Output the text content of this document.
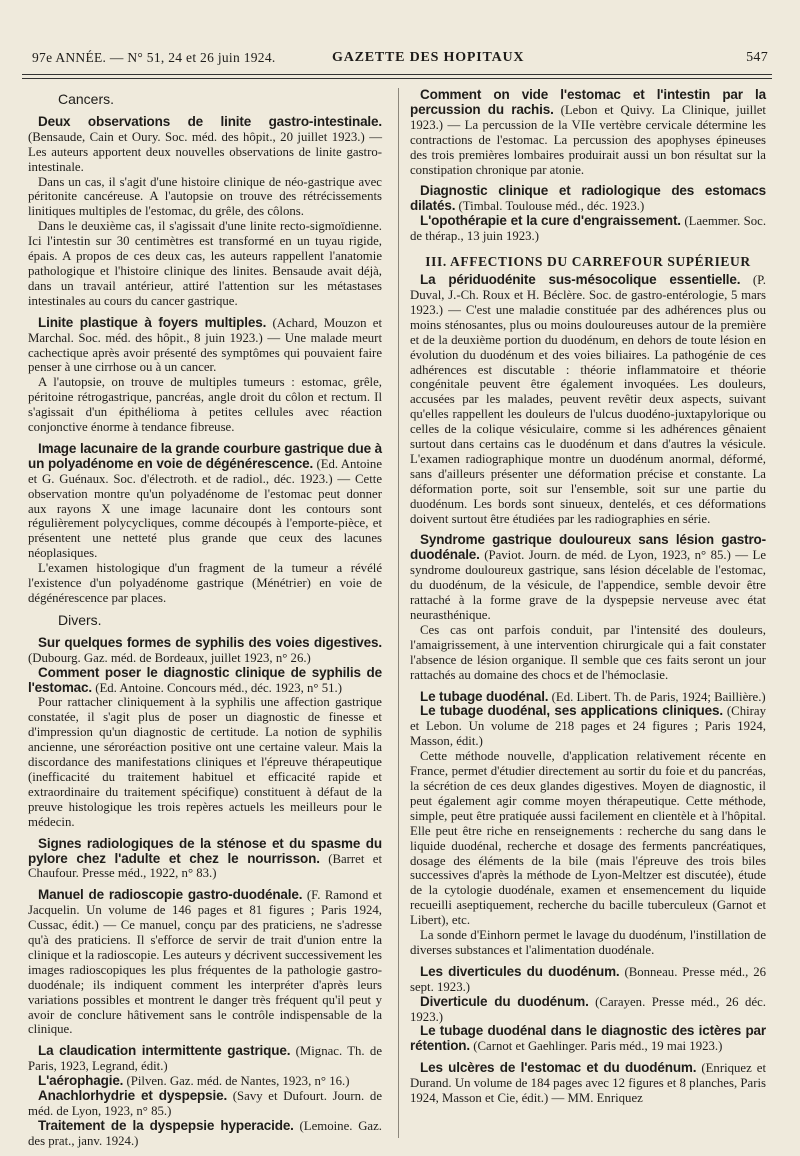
97e ANNÉE. — N° 51, 24 et 26 juin 1924.	GAZETTE DES HOPITAUX	547
Cancers.

Deux observations de linite gastro-intestinale. (Bensaude, Cain et Oury. Soc. méd. des hôpit., 20 juillet 1923.) — Les auteurs apportent deux nouvelles observations de linite gastro-intestinale.

Dans un cas, il s'agit d'une histoire clinique de néo-gastrique avec péritonite cancéreuse. A l'autopsie on trouve des rétrécissements linitiques multiples de l'estomac, du grêle, des côlons.

Dans le deuxième cas, il s'agissait d'une linite recto-sigmoïdienne. Ici l'intestin sur 30 centimètres est transformé en un tuyau rigide, épais. A propos de ces deux cas, les auteurs rappellent l'anatomie pathologique et l'histoire clinique des linites. Bensaude avait déjà, dans un travail antérieur, attiré l'attention sur les métastases intestinales au cours du cancer gastrique.

Linite plastique à foyers multiples. (Achard, Mouzon et Marchal. Soc. méd. des hôpit., 8 juin 1923.) — Une malade meurt cachectique après avoir présenté des symptômes qui pouvaient faire penser à une cirrhose ou à un cancer.

A l'autopsie, on trouve de multiples tumeurs : estomac, grêle, péritoine rétrogastrique, pancréas, angle droit du côlon et rectum. Il s'agissait d'un épithélioma à petites cellules avec réaction conjonctive énorme à tendance fibreuse.

Image lacunaire de la grande courbure gastrique due à un polyadénome en voie de dégénérescence. (Ed. Antoine et G. Guénaux. Soc. d'électroth. et de radiol., déc. 1923.) — Cette observation montre qu'un polyadénome de l'estomac peut donner aux rayons X une image lacunaire dont les contours sont régulièrement polycycliques, comme découpés à l'emporte-pièce, et présentent une netteté plus grande que ceux des lacunes néoplasiques.

L'examen histologique d'un fragment de la tumeur a révélé l'existence d'un polyadénome gastrique (Ménétrier) en voie de dégénérescence par places.

Divers.

Sur quelques formes de syphilis des voies digestives. (Dubourg. Gaz. méd. de Bordeaux, juillet 1923, n° 26.)

Comment poser le diagnostic clinique de syphilis de l'estomac. (Ed. Antoine. Concours méd., déc. 1923, n° 51.)

Pour rattacher cliniquement à la syphilis une affection gastrique constatée, il s'agit plus de poser un diagnostic de finesse et d'impression qu'un diagnostic de certitude. La notion de syphilis ancienne, une séroréaction positive ont une certaine valeur. Mais la discordance des manifestations cliniques et l'épreuve thérapeutique (inefficacité du traitement habituel et efficacité rapide et extraordinaire du traitement spécifique) constituent à défaut de la preuve histologique les trois repères actuels les meilleurs pour le médecin.

Signes radiologiques de la sténose et du spasme du pylore chez l'adulte et chez le nourrisson. (Barret et Chaufour. Presse méd., 1922, n° 83.)

Manuel de radioscopie gastro-duodénale. (F. Ramond et Jacquelin. Un volume de 146 pages et 81 figures ; Paris 1924, Cussac, édit.) — Ce manuel, conçu par des praticiens, ne s'adresse qu'à des praticiens. Il s'efforce de servir de trait d'union entre la clinique et la radioscopie. Les auteurs y décrivent successivement les images radioscopiques les plus fréquentes de la pathologie gastro-duodénale; ils indiquent comment les interpréter d'après leurs variations possibles et montrent le danger très fréquent qu'il peut y avoir de conclure hâtivement sans le contrôle indispensable de la clinique.

La claudication intermittente gastrique. (Mignac. Th. de Paris, 1923, Legrand, édit.)

L'aérophagie. (Pilven. Gaz. méd. de Nantes, 1923, n° 16.)

Anachlorhydrie et dyspepsie. (Savy et Dufourt. Journ. de méd. de Lyon, 1923, n° 85.)

Traitement de la dyspepsie hyperacide. (Lemoine. Gaz. des prat., janv. 1924.)

Comment on vide l'estomac et l'intestin par la percussion du rachis. (Lebon et Quivy. La Clinique, juillet 1923.) — La percussion de la VIIe vertèbre cervicale détermine les contractions de l'estomac. La percussion des apophyses épineuses des trois premières lombaires produirait aussi un bon résultat sur la constipation chronique par atonie.

Diagnostic clinique et radiologique des estomacs dilatés. (Timbal. Toulouse méd., déc. 1923.)

L'opothérapie et la cure d'engraissement. (Laemmer. Soc. de thérap., 13 juin 1923.)

III. AFFECTIONS DU CARREFOUR SUPÉRIEUR

La périduodénite sus-mésocolique essentielle. (P. Duval, J.-Ch. Roux et H. Béclère. Soc. de gastro-entérologie, 5 mars 1923.) — C'est une maladie constituée par des adhérences plus ou moins sténosantes, plus ou moins douloureuses autour de la première et de la deuxième portion du duodénum, en dehors de toute lésion en évolution du duodénum et des voies biliaires. La pathogénie de ces adhérences est discutable : théorie inflammatoire et théorie congénitale peuvent être également invoquées. Les douleurs, accusées par les malades, peuvent revêtir deux aspects, suivant qu'elles rappellent les douleurs de l'ulcus duodéno-juxtapylorique ou celles de la colique vésiculaire, comme si les adhérences gênaient surtout dans certains cas le duodénum et dans d'autres la vésicule. L'examen radiographique montre un duodénum anormal, déformé, sans d'ailleurs présenter une déformation précise et constante. La déformation porte, soit sur l'ensemble, soit sur une partie du duodénum. Les bords sont sinueux, dentelés, et ces déformations doivent surtout être étudiées par les radiographies en série.

Syndrome gastrique douloureux sans lésion gastro-duodénale. (Paviot. Journ. de méd. de Lyon, 1923, n° 85.) — Le syndrome douloureux gastrique, sans lésion décelable de l'estomac, du duodénum, de la vésicule, de l'appendice, semble devoir être rattaché à la forme grave de la dyspepsie nerveuse avec état neurasthénique.

Ces cas ont parfois conduit, par l'intensité des douleurs, l'amaigrissement, à une intervention chirurgicale qui a fait constater l'absence de lésion organique. Il semble que ces faits seront un jour rattachés au domaine des chocs et de l'hémoclasie.

Le tubage duodénal. (Ed. Libert. Th. de Paris, 1924; Baillière.)

Le tubage duodénal, ses applications cliniques. (Chiray et Lebon. Un volume de 218 pages et 24 figures ; Paris 1924, Masson, édit.)

Cette méthode nouvelle, d'application relativement récente en France, permet d'étudier directement au sortir du foie et du pancréas, la sécrétion de ces deux glandes digestives. Moyen de diagnostic, il peut également agir comme moyen thérapeutique. Cette méthode, simple, peut être pratiquée aussi facilement en clientèle et à l'hôpital. Elle peut être riche en renseignements : recherche du sang dans le liquide duodénal, recherche et dosage des ferments pancréatiques, dosage des éléments de la bile (mais l'épreuve des trois biles successives d'après la méthode de Lyon-Meltzer est discutée), étude de la cytologie duodénale, examen et ensemencement du liquide recueilli aseptiquement, recherche du bacille tuberculeux (Garnot et Libert), etc.

La sonde d'Einhorn permet le lavage du duodénum, l'instillation de diverses substances et l'alimentation duodénale.

Les diverticules du duodénum. (Bonneau. Presse méd., 26 sept. 1923.)

Diverticule du duodénum. (Carayen. Presse méd., 26 déc. 1923.)

Le tubage duodénal dans le diagnostic des ictères par rétention. (Carnot et Gaehlinger. Paris méd., 19 mai 1923.)

Les ulcères de l'estomac et du duodénum. (Enriquez et Durand. Un volume de 184 pages avec 12 figures et 8 planches, Paris 1924, Masson et Cie, édit.) — MM. Enriquez
